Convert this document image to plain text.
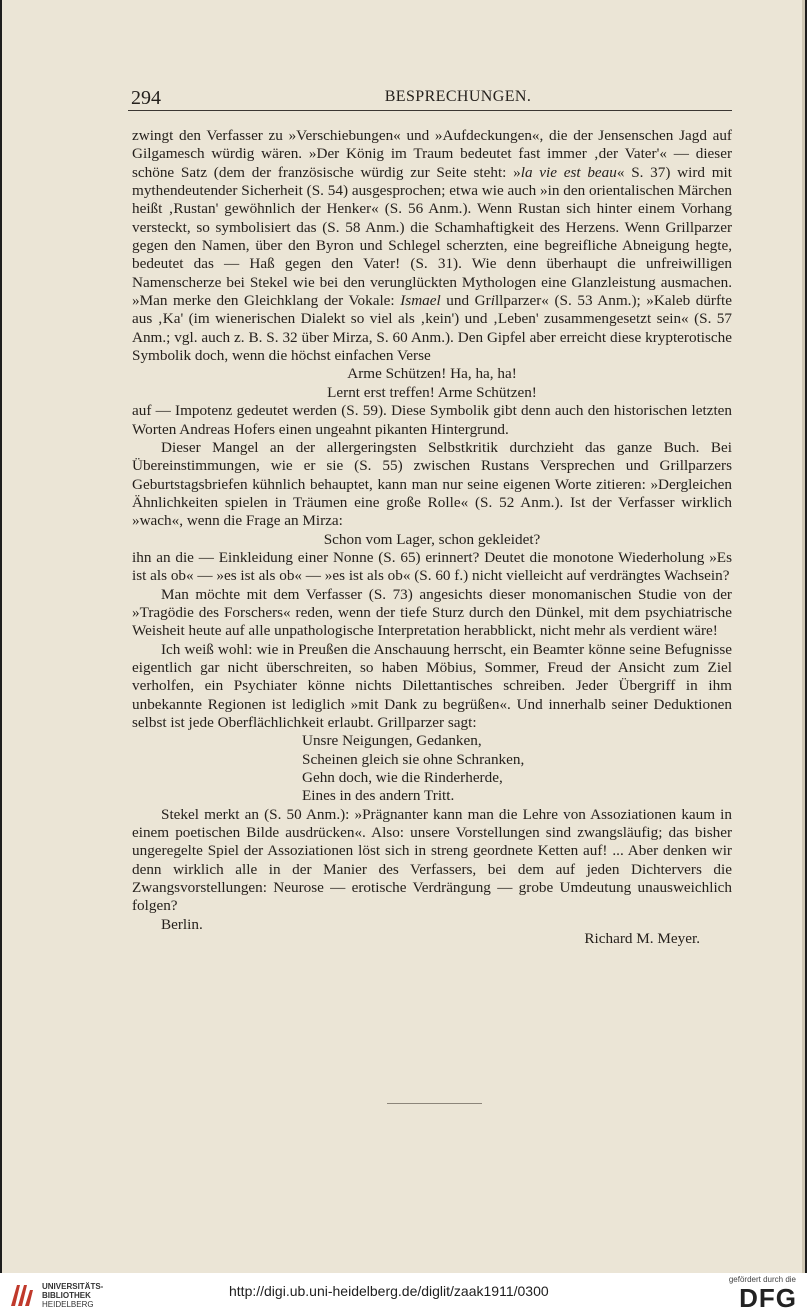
294	BESPRECHUNGEN.

zwingt den Verfasser zu »Verschiebungen« und »Aufdeckungen«, die der Jensenschen Jagd auf Gilgamesch würdig wären. »Der König im Traum bedeutet fast immer ‚der Vater'« — dieser schöne Satz (dem der französische würdig zur Seite steht: »la vie est beau« S. 37) wird mit mythendeutender Sicherheit (S. 54) ausgesprochen; etwa wie auch »in den orientalischen Märchen heißt ‚Rustan' gewöhnlich der Henker« (S. 56 Anm.). Wenn Rustan sich hinter einem Vorhang versteckt, so symbolisiert das (S. 58 Anm.) die Schamhaftigkeit des Herzens. Wenn Grillparzer gegen den Namen, über den Byron und Schlegel scherzten, eine begreifliche Abneigung hegte, bedeutet das — Haß gegen den Vater! (S. 31). Wie denn überhaupt die unfreiwilligen Namenscherze bei Stekel wie bei den verunglückten Mythologen eine Glanzleistung ausmachen. »Man merke den Gleichklang der Vokale: Ismael und Grillparzer« (S. 53 Anm.); »Kaleb dürfte aus ‚Ka' (im wienerischen Dialekt so viel als ‚kein') und ‚Leben' zusammengesetzt sein« (S. 57 Anm.; vgl. auch z. B. S. 32 über Mirza, S. 60 Anm.). Den Gipfel aber erreicht diese krypterotische Symbolik doch, wenn die höchst einfachen Verse

Arme Schützen! Ha, ha, ha!
Lernt erst treffen! Arme Schützen!

auf — Impotenz gedeutet werden (S. 59). Diese Symbolik gibt denn auch den historischen letzten Worten Andreas Hofers einen ungeahnt pikanten Hintergrund.

Dieser Mangel an der allergeringsten Selbstkritik durchzieht das ganze Buch. Bei Übereinstimmungen, wie er sie (S. 55) zwischen Rustans Versprechen und Grillparzers Geburtstagsbriefen kühnlich behauptet, kann man nur seine eigenen Worte zitieren: »Dergleichen Ähnlichkeiten spielen in Träumen eine große Rolle« (S. 52 Anm.). Ist der Verfasser wirklich »wach«, wenn die Frage an Mirza:

Schon vom Lager, schon gekleidet?

ihn an die — Einkleidung einer Nonne (S. 65) erinnert? Deutet die monotone Wiederholung »Es ist als ob« — »es ist als ob« — »es ist als ob« (S. 60 f.) nicht vielleicht auf verdrängtes Wachsein?

Man möchte mit dem Verfasser (S. 73) angesichts dieser monomanischen Studie von der »Tragödie des Forschers« reden, wenn der tiefe Sturz durch den Dünkel, mit dem psychiatrische Weisheit heute auf alle unpathologische Interpretation herabblickt, nicht mehr als verdient wäre!

Ich weiß wohl: wie in Preußen die Anschauung herrscht, ein Beamter könne seine Befugnisse eigentlich gar nicht überschreiten, so haben Möbius, Sommer, Freud der Ansicht zum Ziel verholfen, ein Psychiater könne nichts Dilettantisches schreiben. Jeder Übergriff in ihm unbekannte Regionen ist lediglich »mit Dank zu begrüßen«. Und innerhalb seiner Deduktionen selbst ist jede Oberflächlichkeit erlaubt. Grillparzer sagt:

Unsre Neigungen, Gedanken,
Scheinen gleich sie ohne Schranken,
Gehn doch, wie die Rinderherde,
Eines in des andern Tritt.

Stekel merkt an (S. 50 Anm.): »Prägnanter kann man die Lehre von Assoziationen kaum in einem poetischen Bilde ausdrücken«. Also: unsere Vorstellungen sind zwangsläufig; das bisher ungeregelte Spiel der Assoziationen löst sich in streng geordnete Ketten auf! ... Aber denken wir denn wirklich alle in der Manier des Verfassers, bei dem auf jeden Dichtervers die Zwangsvorstellungen: Neurose — erotische Verdrängung — grobe Umdeutung unausweichlich folgen?

Berlin.
Richard M. Meyer.
UNIVERSITÄTS-
BIBLIOTHEK
HEIDELBERG
http://digi.ub.uni-heidelberg.de/diglit/zaak1911/0300
gefördert durch die
DFG
